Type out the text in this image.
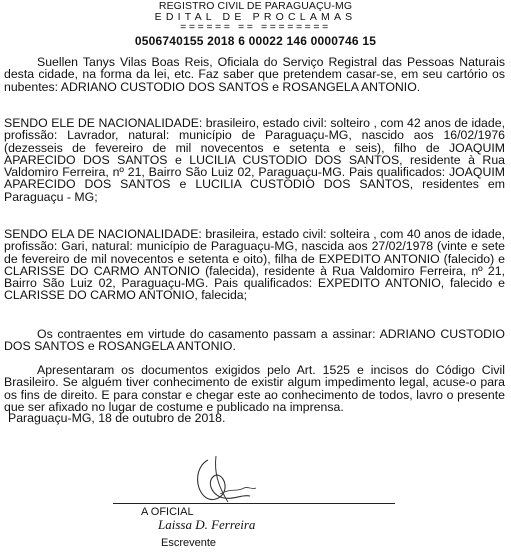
REGISTRO CIVIL DE PARAGUAÇU-MG
EDITAL DE PROCLAMAS
====== == ========
0506740155 2018 6 00022 146 0000746 15

Suellen Tanys Vilas Boas Reis, Oficiala do Serviço Registral das Pessoas Naturais desta cidade, na forma da lei, etc. Faz saber que pretendem casar-se, em seu cartório os nubentes: ADRIANO CUSTODIO DOS SANTOS e ROSANGELA ANTONIO.

SENDO ELE DE NACIONALIDADE: brasileiro, estado civil: solteiro , com 42 anos de idade, profissão: Lavrador, natural: município de Paraguaçu-MG, nascido aos 16/02/1976 (dezesseis de fevereiro de mil novecentos e setenta e seis), filho de JOAQUIM APARECIDO DOS SANTOS e LUCILIA CUSTODIO DOS SANTOS, residente à Rua Valdomiro Ferreira, nº 21, Bairro São Luiz 02, Paraguaçu-MG. Pais qualificados: JOAQUIM APARECIDO DOS SANTOS e LUCILIA CUSTODIO DOS SANTOS, residentes em Paraguaçu - MG;

SENDO ELA DE NACIONALIDADE: brasileira, estado civil: solteira , com 40 anos de idade, profissão: Gari, natural: município de Paraguaçu-MG, nascida aos 27/02/1978 (vinte e sete de fevereiro de mil novecentos e setenta e oito), filha de EXPEDITO ANTONIO (falecido) e CLARISSE DO CARMO ANTONIO (falecida), residente à Rua Valdomiro Ferreira, nº 21, Bairro São Luiz 02, Paraguaçu-MG. Pais qualificados: EXPEDITO ANTONIO, falecido e CLARISSE DO CARMO ANTONIO, falecida;

Os contraentes em virtude do casamento passam a assinar: ADRIANO CUSTODIO DOS SANTOS e ROSANGELA ANTONIO.

Apresentaram os documentos exigidos pelo Art. 1525 e incisos do Código Civil Brasileiro. Se alguém tiver conhecimento de existir algum impedimento legal, acuse-o para os fins de direito. E para constar e chegar este ao conhecimento de todos, lavro o presente que ser afixado no lugar de costume e publicado na imprensa.

Paraguaçu-MG, 18 de outubro de 2018.
A OFICIAL
Laissa D. Ferreira
Escrevente
